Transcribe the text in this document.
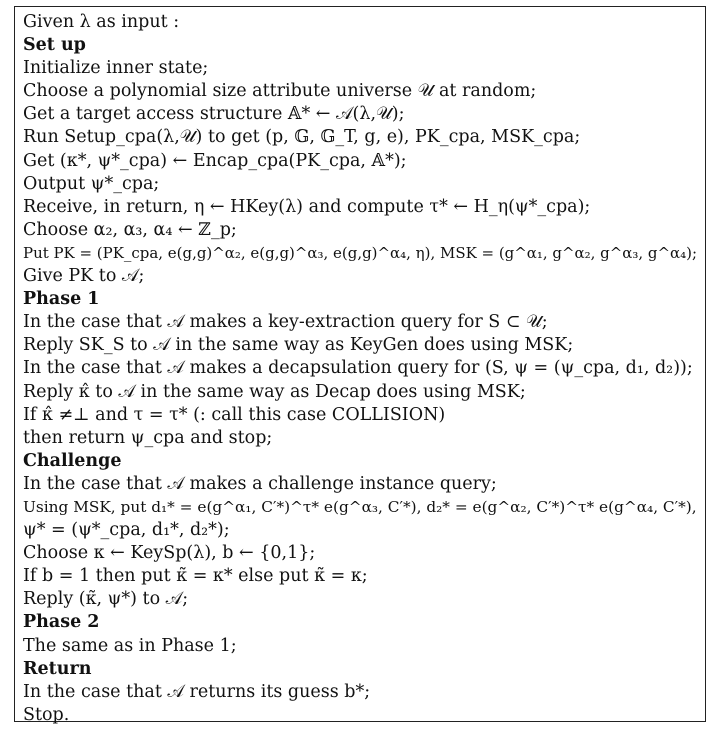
Given λ as input :
Set up
Initialize inner state;
Choose a polynomial size attribute universe 𝒰 at random;
Get a target access structure 𝔸* ← 𝒜(λ,𝒰);
Run Setup_cpa(λ,𝒰) to get (p, 𝔾, 𝔾_T, g, e), PK_cpa, MSK_cpa;
Get (κ*, ψ*_cpa) ← Encap_cpa(PK_cpa, 𝔸*);
Output ψ*_cpa;
Receive, in return, η ← HKey(λ) and compute τ* ← H_η(ψ*_cpa);
Choose α₂, α₃, α₄ ← ℤ_p;
Put PK = (PK_cpa, e(g,g)^α₂, e(g,g)^α₃, e(g,g)^α₄, η), MSK = (g^α₁, g^α₂, g^α₃, g^α₄);
Give PK to 𝒜;
Phase 1
In the case that 𝒜 makes a key-extraction query for S ⊂ 𝒰;
Reply SK_S to 𝒜 in the same way as KeyGen does using MSK;
In the case that 𝒜 makes a decapsulation query for (S, ψ = (ψ_cpa, d₁, d₂));
Reply κ̂ to 𝒜 in the same way as Decap does using MSK;
If κ̂ ≠⊥ and τ = τ* (: call this case COLLISION)
then return ψ_cpa and stop;
Challenge
In the case that 𝒜 makes a challenge instance query;
Using MSK, put d₁* = e(g^α₁, C′*)^τ* e(g^α₃, C′*), d₂* = e(g^α₂, C′*)^τ* e(g^α₄, C′*),
ψ* = (ψ*_cpa, d₁*, d₂*);
Choose κ ← KeySp(λ), b ← {0,1};
If b = 1 then put κ̃ = κ* else put κ̃ = κ;
Reply (κ̃, ψ*) to 𝒜;
Phase 2
The same as in Phase 1;
Return
In the case that 𝒜 returns its guess b*;
Stop.
